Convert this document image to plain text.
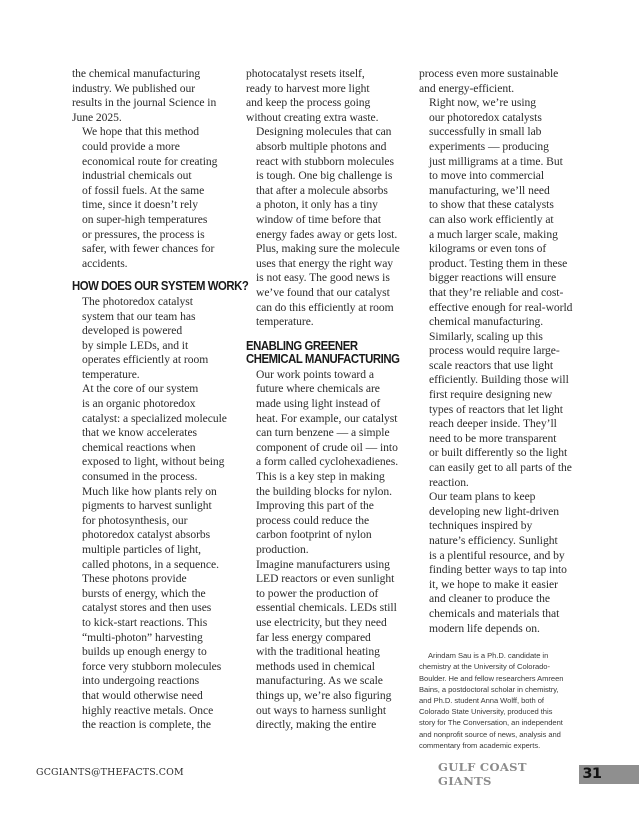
the chemical manufacturing
industry. We published our
results in the journal Science in
June 2025.
We hope that this method
could provide a more
economical route for creating
industrial chemicals out
of fossil fuels. At the same
time, since it doesn’t rely
on super-high temperatures
or pressures, the process is
safer, with fewer chances for
accidents.
HOW DOES OUR SYSTEM WORK?
The photoredox catalyst
system that our team has
developed is powered
by simple LEDs, and it
operates efficiently at room
temperature.
At the core of our system
is an organic photoredox
catalyst: a specialized molecule
that we know accelerates
chemical reactions when
exposed to light, without being
consumed in the process.
Much like how plants rely on
pigments to harvest sunlight
for photosynthesis, our
photoredox catalyst absorbs
multiple particles of light,
called photons, in a sequence.
These photons provide
bursts of energy, which the
catalyst stores and then uses
to kick-start reactions. This
“multi-photon” harvesting
builds up enough energy to
force very stubborn molecules
into undergoing reactions
that would otherwise need
highly reactive metals. Once
the reaction is complete, the
photocatalyst resets itself,
ready to harvest more light
and keep the process going
without creating extra waste.
Designing molecules that can
absorb multiple photons and
react with stubborn molecules
is tough. One big challenge is
that after a molecule absorbs
a photon, it only has a tiny
window of time before that
energy fades away or gets lost.
Plus, making sure the molecule
uses that energy the right way
is not easy. The good news is
we’ve found that our catalyst
can do this efficiently at room
temperature.
ENABLING GREENER
CHEMICAL MANUFACTURING
Our work points toward a
future where chemicals are
made using light instead of
heat. For example, our catalyst
can turn benzene — a simple
component of crude oil — into
a form called cyclohexadienes.
This is a key step in making
the building blocks for nylon.
Improving this part of the
process could reduce the
carbon footprint of nylon
production.
Imagine manufacturers using
LED reactors or even sunlight
to power the production of
essential chemicals. LEDs still
use electricity, but they need
far less energy compared
with the traditional heating
methods used in chemical
manufacturing. As we scale
things up, we’re also figuring
out ways to harness sunlight
directly, making the entire
process even more sustainable
and energy-efficient.
Right now, we’re using
our photoredox catalysts
successfully in small lab
experiments — producing
just milligrams at a time. But
to move into commercial
manufacturing, we’ll need
to show that these catalysts
can also work efficiently at
a much larger scale, making
kilograms or even tons of
product. Testing them in these
bigger reactions will ensure
that they’re reliable and cost-
effective enough for real-world
chemical manufacturing.
Similarly, scaling up this
process would require large-
scale reactors that use light
efficiently. Building those will
first require designing new
types of reactors that let light
reach deeper inside. They’ll
need to be more transparent
or built differently so the light
can easily get to all parts of the
reaction.
Our team plans to keep
developing new light-driven
techniques inspired by
nature’s efficiency. Sunlight
is a plentiful resource, and by
finding better ways to tap into
it, we hope to make it easier
and cleaner to produce the
chemicals and materials that
modern life depends on.
Arindam Sau is a Ph.D. candidate in
chemistry at the University of Colorado-
Boulder. He and fellow researchers Amreen
Bains, a postdoctoral scholar in chemistry,
and Ph.D. student Anna Wolff, both of
Colorado State University, produced this
story for The Conversation, an independent
and nonprofit source of news, analysis and
commentary from academic experts.
GCGIANTS@THEFACTS.COM	GULF COAST GIANTS	31
